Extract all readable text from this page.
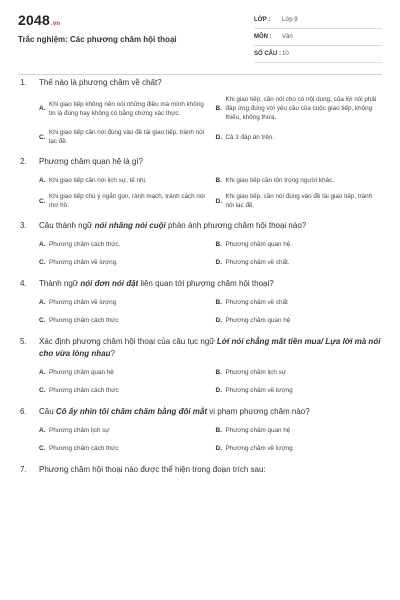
2048.vn
Trắc nghiệm: Các phương châm hội thoại
LỚP :	Lớp 9
MÔN :	Văn
SỐ CÂU : 10
1.	Thế nào là phương châm về chất?
A.
Khi giao tiếp không nên nói những điều mà mình không tin là đúng hay không có bằng chứng xác thực.
B.
Khi giao tiếp, cần nói cho có nội dung, của lời nói phải đáp ứng đúng với yêu cầu của cuộc giao tiếp, không thiếu, không thừa.
C.
Khi giao tiếp cần nói đúng vào đề tài giao tiếp, tránh nói lạc đề.
D. Cả 3 đáp án trên.
2.	Phương châm quan hệ là gì?
A. Khi giao tiếp cần nói lịch sự, tế nhị.	B. Khi giao tiếp cần tôn trọng người khác.
C.
Khi giao tiếp chú ý ngắn gọn, rành mạch, tránh cách nói mơ hồ.
D.
Khi giao tiếp, cần nói đúng vào đề tài giao tiếp, tránh nói lạc đề.
3.	Câu thành ngữ nói nhăng nói cuội phản ánh phương châm hội thoại nào?
A. Phương châm cách thức.	B. Phương châm quan hệ.
C. Phương châm về lượng.	D. Phương châm về chất.
4.	Thành ngữ nói đơn nói đặt liên quan tới phương châm hội thoại?
A. Phương châm về lượng	B. Phương châm về chất
C. Phương châm cách thức	D. Phương châm quan hệ
5.	Xác định phương châm hội thoại của câu tục ngữ Lời nói chẳng mất tiền mua/ Lựa lời mà nói cho vừa lòng nhau?
A. Phương châm quan hệ	B. Phương châm lịch sự
C. Phương châm cách thức	D. Phương châm về lượng
6.	Câu Cô ấy nhìn tôi chăm chăm bằng đôi mắt vi phạm phương châm nào?
A. Phương châm lịch sự	B. Phương châm quan hệ
C. Phương châm cách thức	D. Phương châm về lượng
7.	Phương châm hội thoại nào được thể hiện trong đoạn trích sau:
